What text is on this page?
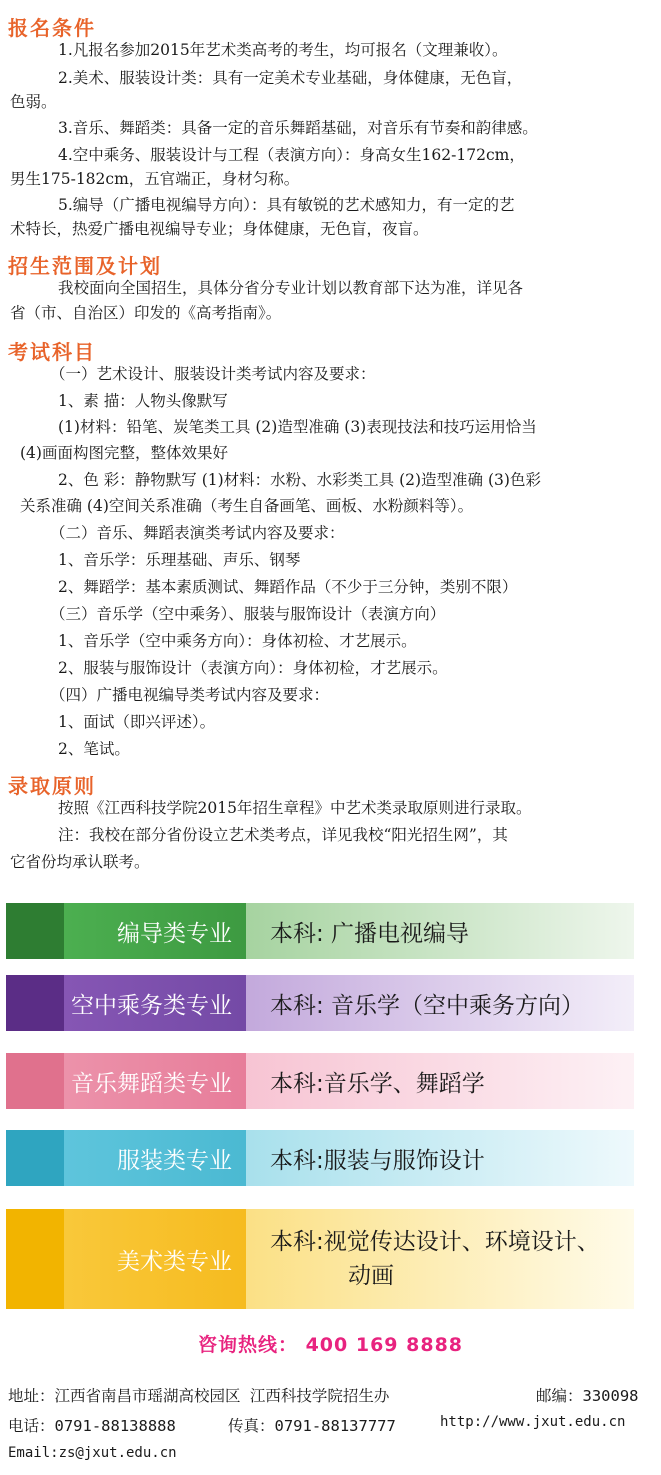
报名条件
1.凡报名参加2015年艺术类高考的考生，均可报名（文理兼收）。
2.美术、服装设计类：具有一定美术专业基础，身体健康，无色盲，
色弱。
3.音乐、舞蹈类：具备一定的音乐舞蹈基础，对音乐有节奏和韵律感。
4.空中乘务、服装设计与工程（表演方向）：身高女生162-172cm，
男生175-182cm，五官端正，身材匀称。
5.编导（广播电视编导方向）：具有敏锐的艺术感知力，有一定的艺
术特长，热爱广播电视编导专业；身体健康，无色盲，夜盲。
招生范围及计划
我校面向全国招生，具体分省分专业计划以教育部下达为准，详见各
省（市、自治区）印发的《高考指南》。
考试科目
（一）艺术设计、服装设计类考试内容及要求：
1、素 描：人物头像默写
(1)材料：铅笔、炭笔类工具 (2)造型准确 (3)表现技法和技巧运用恰当
(4)画面构图完整，整体效果好
2、色 彩：静物默写 (1)材料：水粉、水彩类工具 (2)造型准确 (3)色彩
关系准确 (4)空间关系准确（考生自备画笔、画板、水粉颜料等）。
（二）音乐、舞蹈表演类考试内容及要求：
1、音乐学：乐理基础、声乐、钢琴
2、舞蹈学：基本素质测试、舞蹈作品（不少于三分钟，类别不限）
（三）音乐学（空中乘务）、服装与服饰设计（表演方向）
1、音乐学（空中乘务方向）：身体初检、才艺展示。
2、服装与服饰设计（表演方向）：身体初检，才艺展示。
（四）广播电视编导类考试内容及要求：
1、面试（即兴评述）。
2、笔试。
录取原则
按照《江西科技学院2015年招生章程》中艺术类录取原则进行录取。
注：我校在部分省份设立艺术类考点，详见我校“阳光招生网”，其
它省份均承认联考。
编导类专业	本科: 广播电视编导
空中乘务类专业	本科: 音乐学（空中乘务方向）
音乐舞蹈类专业	本科:音乐学、舞蹈学
服装类专业	本科:服装与服饰设计
美术类专业
本科:视觉传达设计、环境设计、
动画
咨询热线： 400 169 8888
地址：江西省南昌市瑶湖高校园区 江西科技学院招生办	邮编：330098
电话：0791-88138888	传真：0791-88137777	http://www.jxut.edu.cn
Email:zs@jxut.edu.cn
